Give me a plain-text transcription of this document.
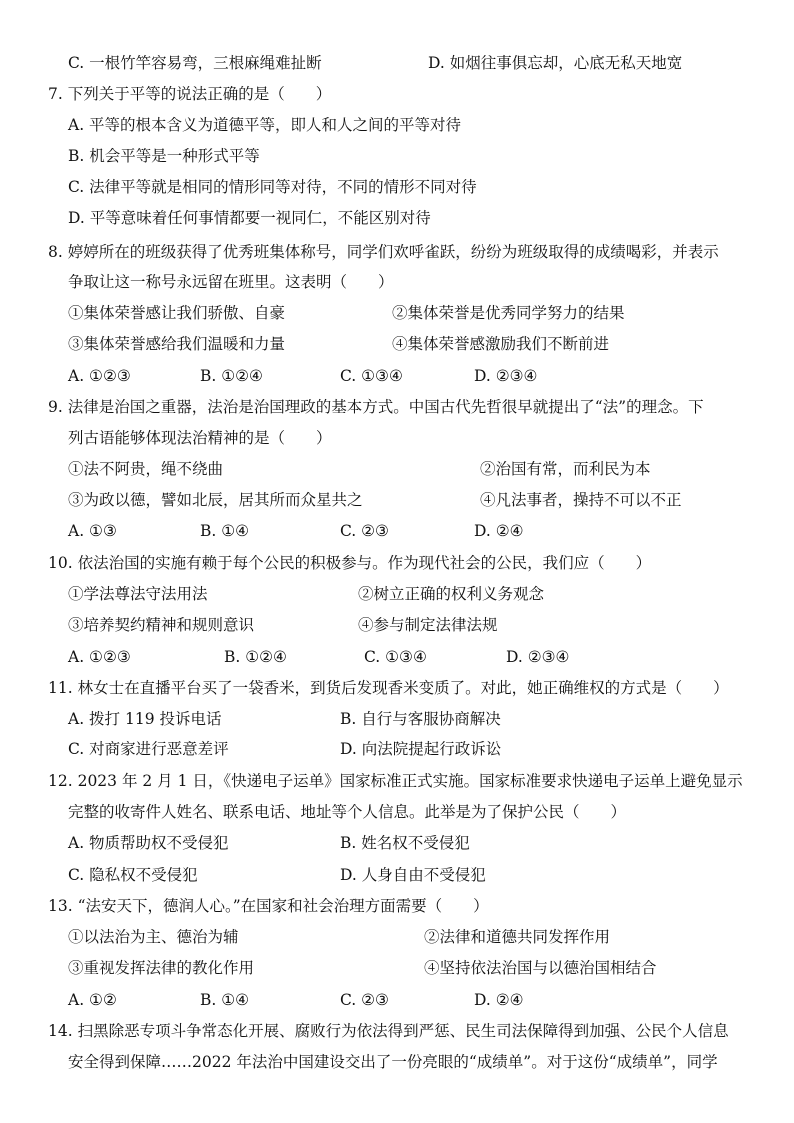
C. 一根竹竿容易弯，三根麻绳难扯断	D. 如烟往事俱忘却，心底无私天地宽
7. 下列关于平等的说法正确的是（　　）
A. 平等的根本含义为道德平等，即人和人之间的平等对待
B. 机会平等是一种形式平等
C. 法律平等就是相同的情形同等对待，不同的情形不同对待
D. 平等意味着任何事情都要一视同仁，不能区别对待
8. 婷婷所在的班级获得了优秀班集体称号，同学们欢呼雀跃，纷纷为班级取得的成绩喝彩，并表示
争取让这一称号永远留在班里。这表明（　　）
①集体荣誉感让我们骄傲、自豪	②集体荣誉是优秀同学努力的结果
③集体荣誉感给我们温暖和力量	④集体荣誉感激励我们不断前进
A. ①②③	B. ①②④	C. ①③④	D. ②③④
9. 法律是治国之重器，法治是治国理政的基本方式。中国古代先哲很早就提出了“法”的理念。下
列古语能够体现法治精神的是（　　）
①法不阿贵，绳不绕曲	②治国有常，而利民为本
③为政以德，譬如北辰，居其所而众星共之	④凡法事者，操持不可以不正
A. ①③	B. ①④	C. ②③	D. ②④
10. 依法治国的实施有赖于每个公民的积极参与。作为现代社会的公民，我们应（　　）
①学法尊法守法用法	②树立正确的权利义务观念
③培养契约精神和规则意识	④参与制定法律法规
A. ①②③	B. ①②④	C. ①③④	D. ②③④
11. 林女士在直播平台买了一袋香米，到货后发现香米变质了。对此，她正确维权的方式是（　　）
A. 拨打 119 投诉电话	B. 自行与客服协商解决
C. 对商家进行恶意差评	D. 向法院提起行政诉讼
12. 2023 年 2 月 1 日，《快递电子运单》国家标准正式实施。国家标准要求快递电子运单上避免显示
完整的收寄件人姓名、联系电话、地址等个人信息。此举是为了保护公民（　　）
A. 物质帮助权不受侵犯	B. 姓名权不受侵犯
C. 隐私权不受侵犯	D. 人身自由不受侵犯
13. “法安天下，德润人心。”在国家和社会治理方面需要（　　）
①以法治为主、德治为辅	②法律和道德共同发挥作用
③重视发挥法律的教化作用	④坚持依法治国与以德治国相结合
A. ①②	B. ①④	C. ②③	D. ②④
14. 扫黑除恶专项斗争常态化开展、腐败行为依法得到严惩、民生司法保障得到加强、公民个人信息
安全得到保障……2022 年法治中国建设交出了一份亮眼的“成绩单”。对于这份“成绩单”，同学
